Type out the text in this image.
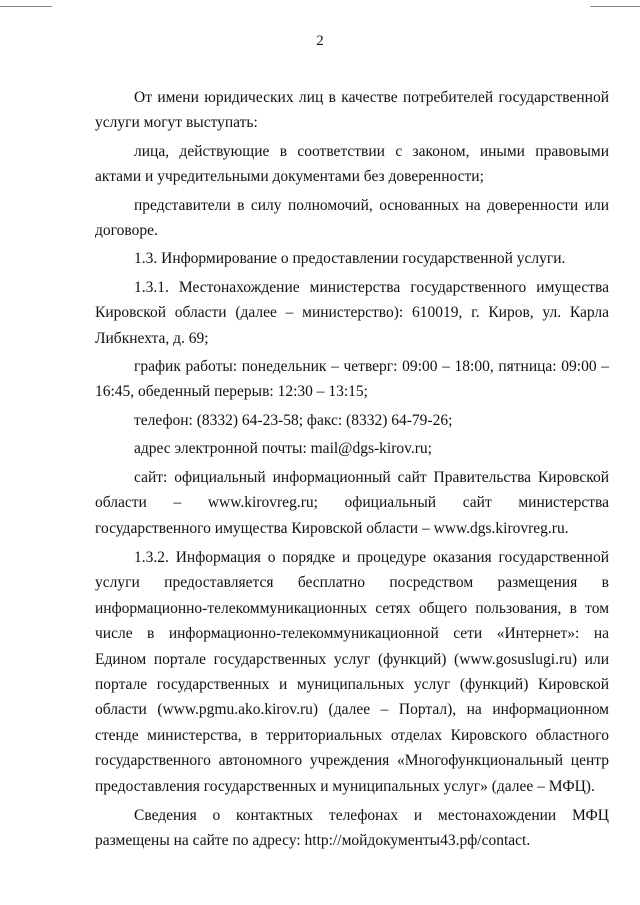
2

От имени юридических лиц в качестве потребителей государственной услуги могут выступать:

лица, действующие в соответствии с законом, иными правовыми актами и учредительными документами без доверенности;

представители в силу полномочий, основанных на доверенности или договоре.

1.3. Информирование о предоставлении государственной услуги.

1.3.1. Местонахождение министерства государственного имущества Кировской области (далее – министерство): 610019, г. Киров, ул. Карла Либкнехта, д. 69;

график работы: понедельник – четверг: 09:00 – 18:00, пятница: 09:00 – 16:45, обеденный перерыв: 12:30 – 13:15;

телефон: (8332) 64-23-58; факс: (8332) 64-79-26;

адрес электронной почты: mail@dgs-kirov.ru;

сайт: официальный информационный сайт Правительства Кировской области – www.kirovreg.ru; официальный сайт министерства государственного имущества Кировской области – www.dgs.kirovreg.ru.

1.3.2. Информация о порядке и процедуре оказания государственной услуги предоставляется бесплатно посредством размещения в информационно-телекоммуникационных сетях общего пользования, в том числе в информационно-телекоммуникационной сети «Интернет»: на Едином портале государственных услуг (функций) (www.gosuslugi.ru) или портале государственных и муниципальных услуг (функций) Кировской области (www.pgmu.ako.kirov.ru) (далее – Портал), на информационном стенде министерства, в территориальных отделах Кировского областного государственного автономного учреждения «Многофункциональный центр предоставления государственных и муниципальных услуг» (далее – МФЦ).

Сведения о контактных телефонах и местонахождении МФЦ размещены на сайте по адресу: http://мойдокументы43.рф/contact.
